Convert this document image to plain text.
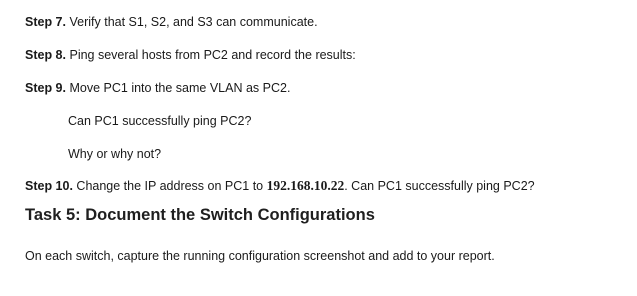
Step 7. Verify that S1, S2, and S3 can communicate.
Step 8. Ping several hosts from PC2 and record the results:
Step 9. Move PC1 into the same VLAN as PC2.
Can PC1 successfully ping PC2?
Why or why not?
Step 10. Change the IP address on PC1 to 192.168.10.22. Can PC1 successfully ping PC2?
Task 5: Document the Switch Configurations
On each switch, capture the running configuration screenshot and add to your report.
